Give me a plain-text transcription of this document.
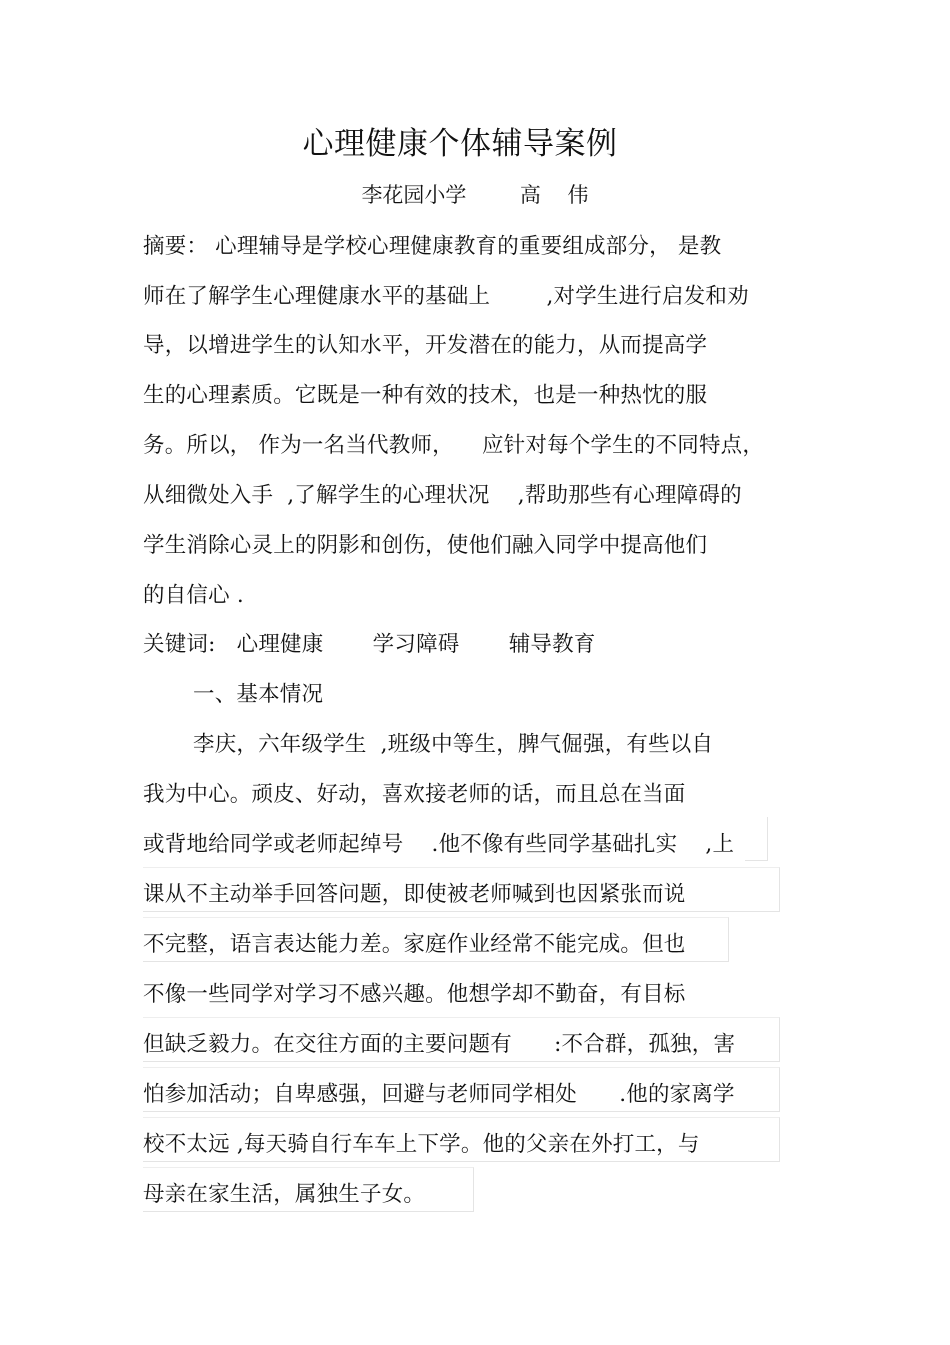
心理健康个体辅导案例
李花园小学        高    伟
摘要： 心理辅导是学校心理健康教育的重要组成部分， 是教
师在了解学生心理健康水平的基础上        ,对学生进行启发和劝
导，以增进学生的认知水平，开发潜在的能力，从而提高学
生的心理素质。它既是一种有效的技术，也是一种热忱的服
务。所以， 作为一名当代教师，    应针对每个学生的不同特点，
从细微处入手  ,了解学生的心理状况    ,帮助那些有心理障碍的
学生消除心灵上的阴影和创伤，使他们融入同学中提高他们
的自信心 .
关键词:   心理健康       学习障碍       辅导教育
一、基本情况
李庆，六年级学生  ,班级中等生，脾气倔强，有些以自
我为中心。顽皮、好动，喜欢接老师的话，而且总在当面
或背地给同学或老师起绰号    .他不像有些同学基础扎实    ,上
课从不主动举手回答问题，即使被老师喊到也因紧张而说
不完整，语言表达能力差。家庭作业经常不能完成。但也
不像一些同学对学习不感兴趣。他想学却不勤奋，有目标
但缺乏毅力。在交往方面的主要问题有      :不合群，孤独，害
怕参加活动；自卑感强，回避与老师同学相处      .他的家离学
校不太远 ,每天骑自行车车上下学。他的父亲在外打工，与
母亲在家生活，属独生子女。
